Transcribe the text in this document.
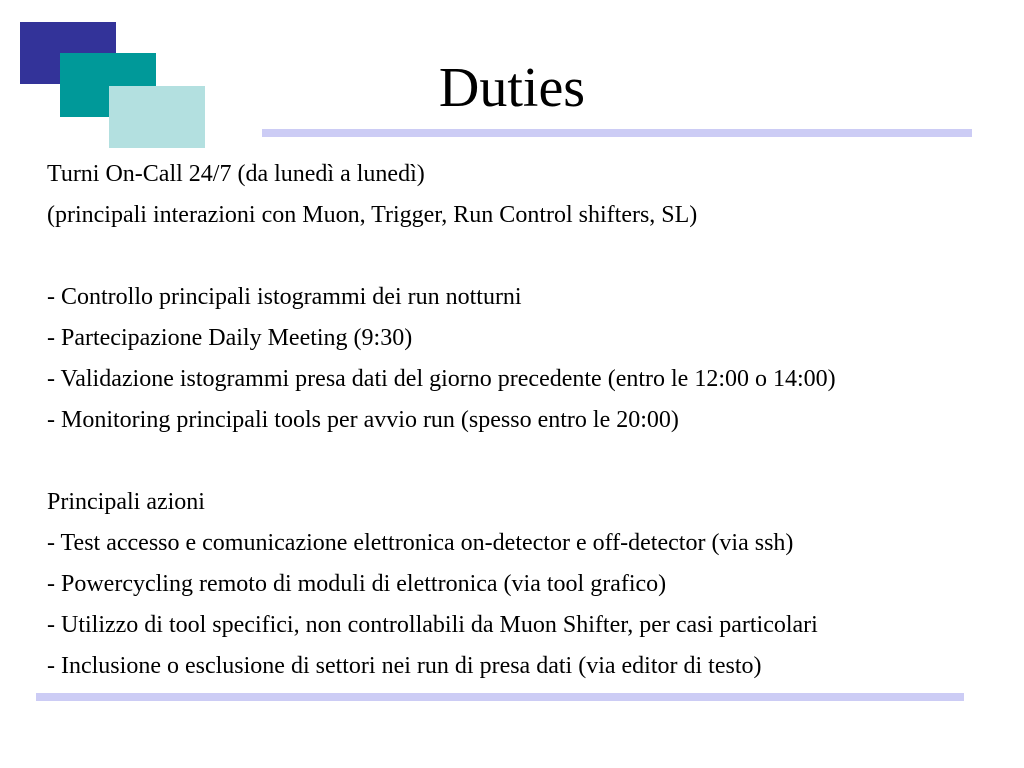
Duties
Turni On-Call 24/7 (da lunedì a lunedì)
(principali interazioni con Muon, Trigger, Run Control shifters, SL)
- Controllo principali istogrammi dei run notturni
- Partecipazione Daily Meeting (9:30)
- Validazione istogrammi presa dati del giorno precedente (entro le 12:00 o 14:00)
- Monitoring principali tools per avvio run (spesso entro le 20:00)
Principali azioni
- Test accesso e comunicazione elettronica on-detector e off-detector (via ssh)
- Powercycling remoto di moduli di elettronica (via tool grafico)
- Utilizzo di tool specifici, non controllabili da Muon Shifter, per casi particolari
- Inclusione o esclusione di settori nei run di presa dati (via editor di testo)
